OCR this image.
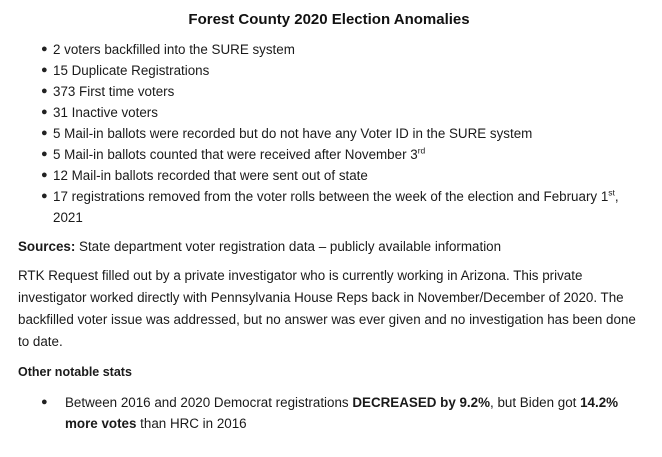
Forest County 2020 Election Anomalies
● 2 voters backfilled into the SURE system
● 15 Duplicate Registrations
● 373 First time voters
● 31 Inactive voters
● 5 Mail-in ballots were recorded but do not have any Voter ID in the SURE system
● 5 Mail-in ballots counted that were received after November 3rd
● 12 Mail-in ballots recorded that were sent out of state
● 17 registrations removed from the voter rolls between the week of the election and February 1st, 2021

Sources: State department voter registration data – publicly available information

RTK Request filled out by a private investigator who is currently working in Arizona. This private investigator worked directly with Pennsylvania House Reps back in November/December of 2020. The backfilled voter issue was addressed, but no answer was ever given and no investigation has been done to date.

Other notable stats

● Between 2016 and 2020 Democrat registrations DECREASED by 9.2%, but Biden got 14.2% more votes than HRC in 2016
